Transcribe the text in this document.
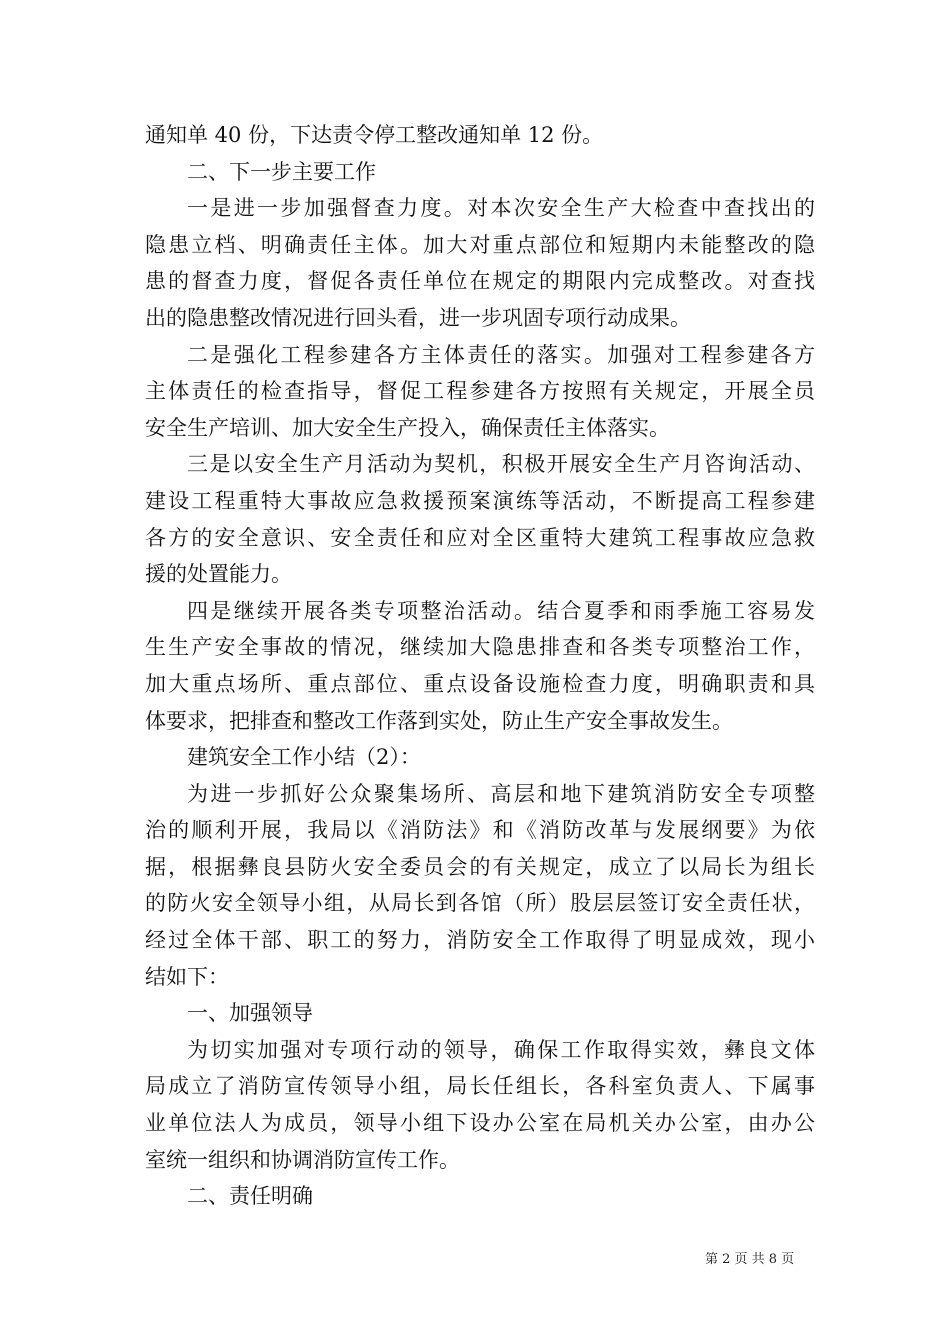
通知单 40 份，下达责令停工整改通知单 12 份。

二、下一步主要工作

一是进一步加强督查力度。对本次安全生产大检查中查找出的
隐患立档、明确责任主体。加大对重点部位和短期内未能整改的隐
患的督查力度，督促各责任单位在规定的期限内完成整改。对查找
出的隐患整改情况进行回头看，进一步巩固专项行动成果。

二是强化工程参建各方主体责任的落实。加强对工程参建各方
主体责任的检查指导，督促工程参建各方按照有关规定，开展全员
安全生产培训、加大安全生产投入，确保责任主体落实。

三是以安全生产月活动为契机，积极开展安全生产月咨询活动、
建设工程重特大事故应急救援预案演练等活动，不断提高工程参建
各方的安全意识、安全责任和应对全区重特大建筑工程事故应急救
援的处置能力。

四是继续开展各类专项整治活动。结合夏季和雨季施工容易发
生生产安全事故的情况，继续加大隐患排查和各类专项整治工作，
加大重点场所、重点部位、重点设备设施检查力度，明确职责和具
体要求，把排查和整改工作落到实处，防止生产安全事故发生。

建筑安全工作小结（2）：

为进一步抓好公众聚集场所、高层和地下建筑消防安全专项整
治的顺利开展，我局以《消防法》和《消防改革与发展纲要》为依
据，根据彝良县防火安全委员会的有关规定，成立了以局长为组长
的防火安全领导小组，从局长到各馆（所）股层层签订安全责任状，
经过全体干部、职工的努力，消防安全工作取得了明显成效，现小
结如下：

一、加强领导

为切实加强对专项行动的领导，确保工作取得实效，彝良文体
局成立了消防宣传领导小组，局长任组长，各科室负责人、下属事
业单位法人为成员，领导小组下设办公室在局机关办公室，由办公
室统一组织和协调消防宣传工作。

二、责任明确

第 2 页 共 8 页
